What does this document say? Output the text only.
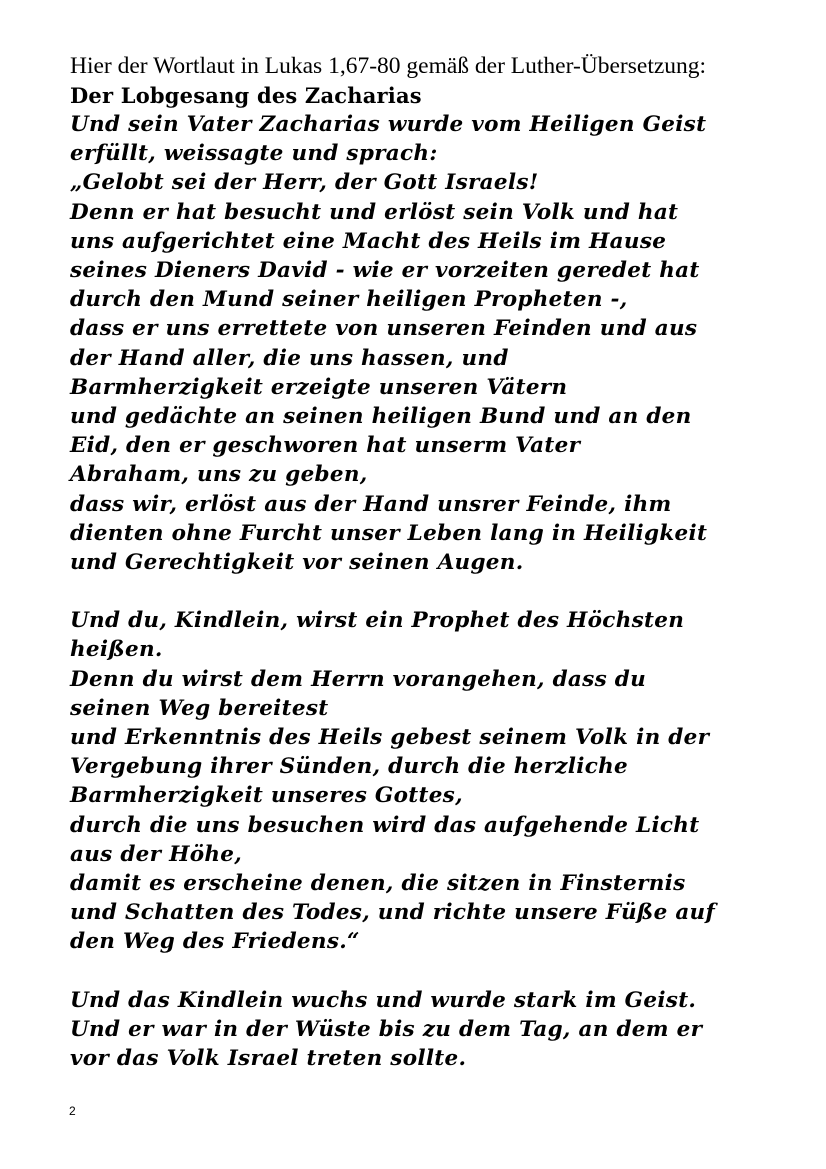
Hier der Wortlaut in Lukas 1,67-80 gemäß der Luther-Übersetzung:
Der Lobgesang des Zacharias
Und sein Vater Zacharias wurde vom Heiligen Geist
erfüllt, weissagte und sprach:
„Gelobt sei der Herr, der Gott Israels!
Denn er hat besucht und erlöst sein Volk und hat
uns aufgerichtet eine Macht des Heils im Hause
seines Dieners David - wie er vorzeiten geredet hat
durch den Mund seiner heiligen Propheten -,
dass er uns errettete von unseren Feinden und aus
der Hand aller, die uns hassen, und
Barmherzigkeit erzeigte unseren Vätern
und gedächte an seinen heiligen Bund und an den
Eid, den er geschworen hat unserm Vater
Abraham, uns zu geben,
dass wir, erlöst aus der Hand unsrer Feinde, ihm
dienten ohne Furcht unser Leben lang in Heiligkeit
und Gerechtigkeit vor seinen Augen.
Und du, Kindlein, wirst ein Prophet des Höchsten
heißen.
Denn du wirst dem Herrn vorangehen, dass du
seinen Weg bereitest
und Erkenntnis des Heils gebest seinem Volk in der
Vergebung ihrer Sünden, durch die herzliche
Barmherzigkeit unseres Gottes,
durch die uns besuchen wird das aufgehende Licht
aus der Höhe,
damit es erscheine denen, die sitzen in Finsternis
und Schatten des Todes, und richte unsere Füße auf
den Weg des Friedens.“
Und das Kindlein wuchs und wurde stark im Geist.
Und er war in der Wüste bis zu dem Tag, an dem er
vor das Volk Israel treten sollte.
2
